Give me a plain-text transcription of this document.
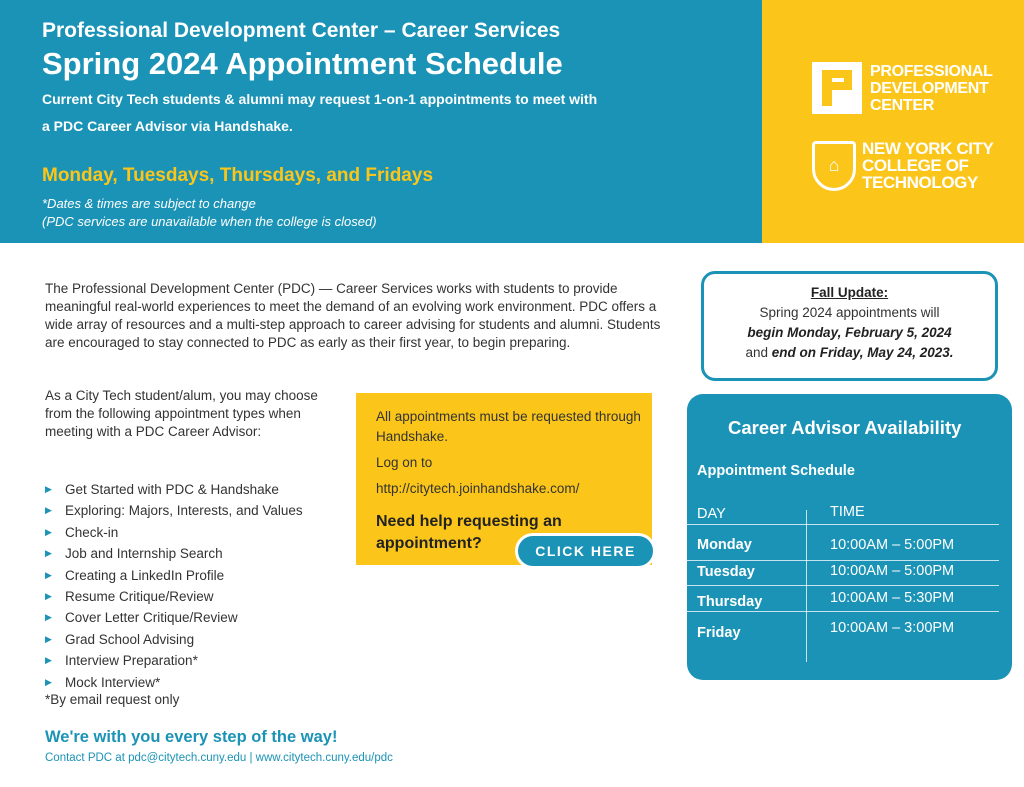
Professional Development Center – Career Services
Spring 2024 Appointment Schedule
Current City Tech students & alumni may request 1-on-1 appointments to meet with a PDC Career Advisor via Handshake.
Monday, Tuesdays, Thursdays, and Fridays
*Dates & times are subject to change
(PDC services are unavailable when the college is closed)
PROFESSIONAL
DEVELOPMENT
CENTER
⌂
NEW YORK CITY
COLLEGE OF
TECHNOLOGY
The Professional Development Center (PDC) — Career Services works with students to provide meaningful real-world experiences to meet the demand of an evolving work environment. PDC offers a wide array of resources and a multi-step approach to career advising for students and alumni. Students are encouraged to stay connected to PDC as early as their first year, to begin preparing.
As a City Tech student/alum, you may choose from the following appointment types when meeting with a PDC Career Advisor:
▶ Get Started with PDC & Handshake
▶ Exploring: Majors, Interests, and Values
▶ Check-in
▶ Job and Internship Search
▶ Creating a LinkedIn Profile
▶ Resume Critique/Review
▶ Cover Letter Critique/Review
▶ Grad School Advising
▶ Interview Preparation*
▶ Mock Interview*
*By email request only
All appointments must be requested through Handshake.
Log on to
http://citytech.joinhandshake.com/
Need help requesting an appointment?	CLICK HERE
Fall Update:
Spring 2024 appointments will
begin Monday, February 5, 2024
and end on Friday, May 24, 2023.
Career Advisor Availability
Appointment Schedule
DAY	TIME
Monday	10:00AM – 5:00PM
Tuesday	10:00AM – 5:00PM
Thursday	10:00AM – 5:30PM
Friday	10:00AM – 3:00PM
We're with you every step of the way!
Contact PDC at pdc@citytech.cuny.edu | www.citytech.cuny.edu/pdc
